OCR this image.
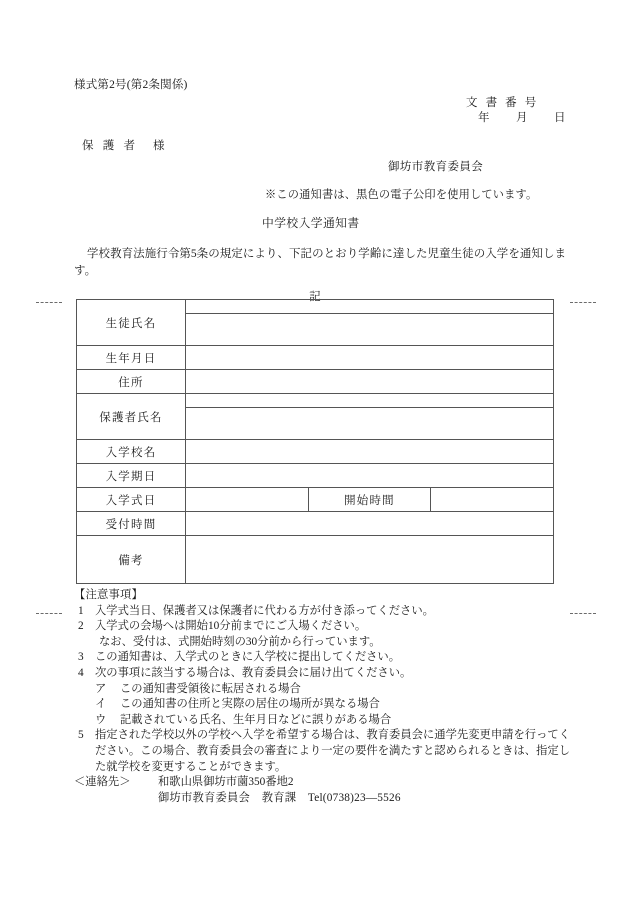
様式第2号(第2条関係)
文 書 番 号
年　月　日
保 護 者　様
御坊市教育委員会
※この通知書は、黒色の電子公印を使用しています。
中学校入学通知書
学校教育法施行令第5条の規定により、下記のとおり学齢に達した児童生徒の入学を通知します。
記
生徒氏名			

生年月日			
住所			
保護者氏名			

入学校名			
入学期日			
入学式日		開始時間	
受付時間			
備考			
【注意事項】
1	入学式当日、保護者又は保護者に代わる方が付き添ってください。
2	入学式の会場へは開始10分前までにご入場ください。
なお、受付は、式開始時刻の30分前から行っています。
3	この通知書は、入学式のときに入学校に提出してください。
4	次の事項に該当する場合は、教育委員会に届け出てください。
ア	この通知書受領後に転居される場合
イ	この通知書の住所と実際の居住の場所が異なる場合
ウ	記載されている氏名、生年月日などに誤りがある場合
5	指定された学校以外の学校へ入学を希望する場合は、教育委員会に通学先変更申請を行ってください。この場合、教育委員会の審査により一定の要件を満たすと認められるときは、指定した就学校を変更することができます。
＜連絡先＞	和歌山県御坊市薗350番地2
御坊市教育委員会 教育課 Tel(0738)23—5526
